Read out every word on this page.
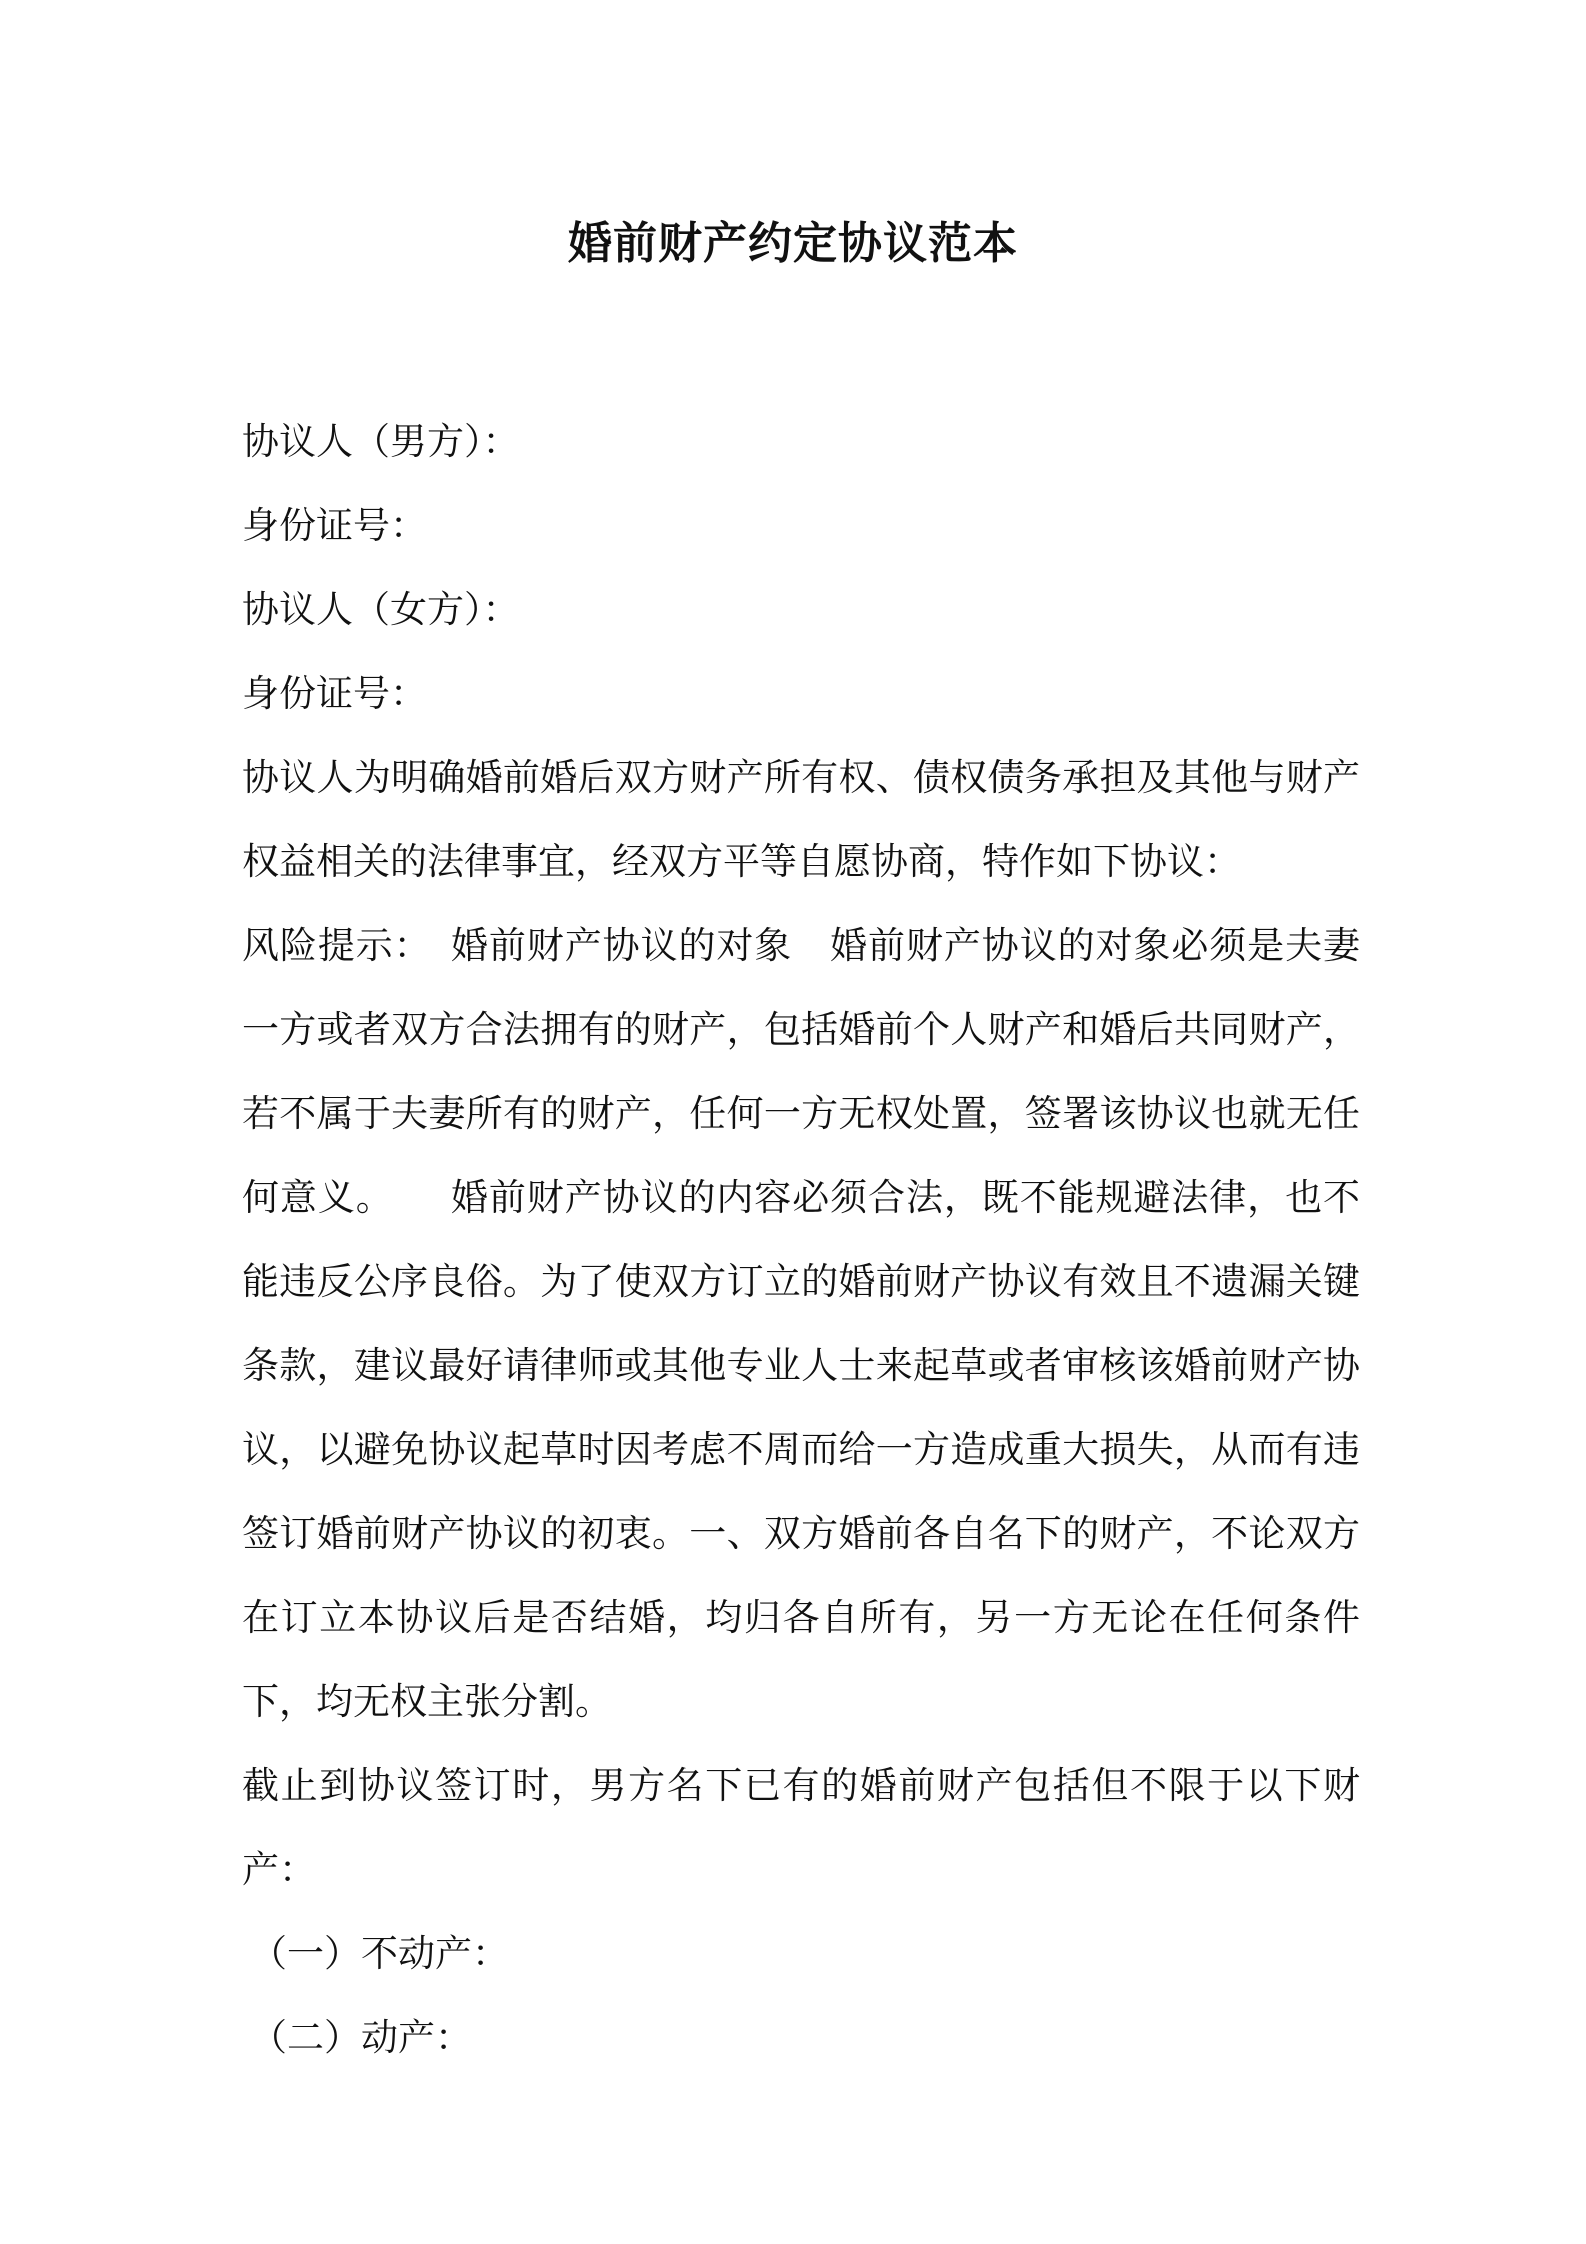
婚前财产约定协议范本
协议人（男方）：
身份证号：
协议人（女方）：
身份证号：

协议人为明确婚前婚后双方财产所有权、债权债务承担及其他与财产权益相关的法律事宜，经双方平等自愿协商，特作如下协议：

风险提示：　婚前财产协议的对象　婚前财产协议的对象必须是夫妻一方或者双方合法拥有的财产，包括婚前个人财产和婚后共同财产，若不属于夫妻所有的财产，任何一方无权处置，签署该协议也就无任何意义。　　婚前财产协议的内容必须合法，既不能规避法律，也不能违反公序良俗。为了使双方订立的婚前财产协议有效且不遗漏关键条款，建议最好请律师或其他专业人士来起草或者审核该婚前财产协议，以避免协议起草时因考虑不周而给一方造成重大损失，从而有违签订婚前财产协议的初衷。一、双方婚前各自名下的财产，不论双方在订立本协议后是否结婚，均归各自所有，另一方无论在任何条件下，均无权主张分割。

截止到协议签订时，男方名下已有的婚前财产包括但不限于以下财产：

（一）不动产：
（二）动产：
